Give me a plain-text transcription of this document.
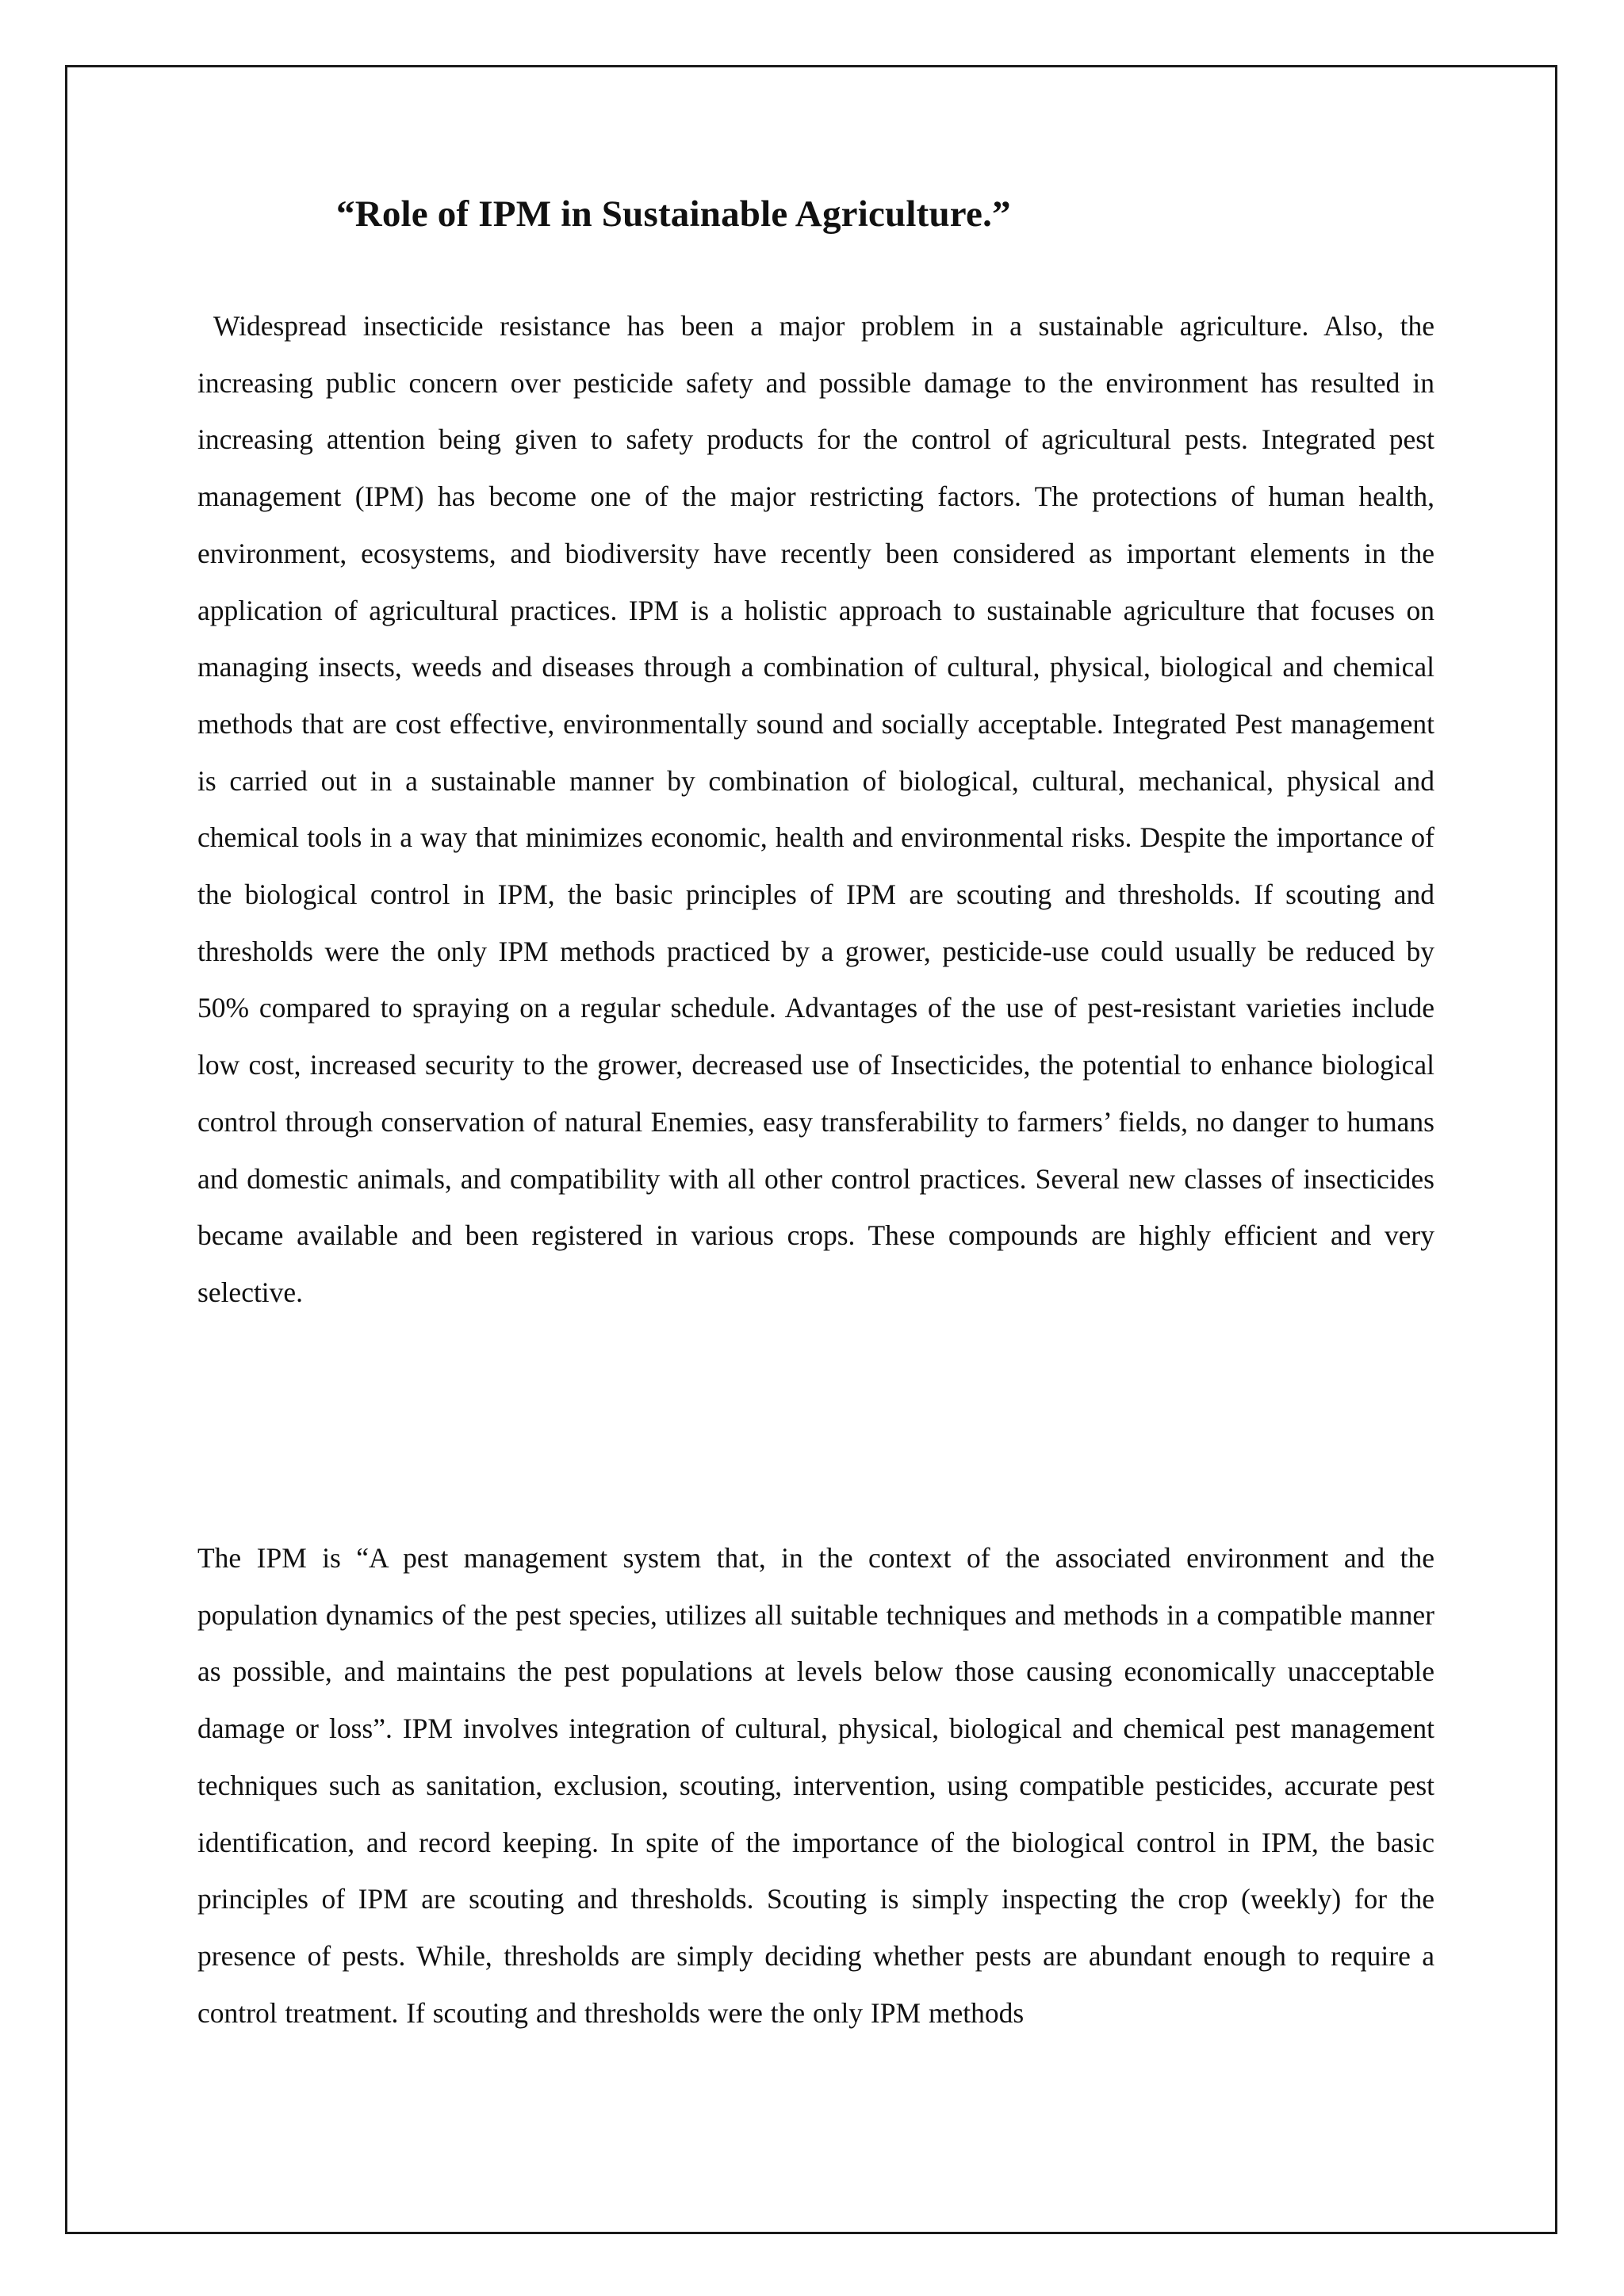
“Role of IPM in Sustainable Agriculture.”

Widespread insecticide resistance has been a major problem in a sustainable agriculture. Also, the increasing public concern over pesticide safety and possible damage to the environment has resulted in increasing attention being given to safety products for the control of agricultural pests. Integrated pest management (IPM) has become one of the major restricting factors. The protections of human health, environment, ecosystems, and biodiversity have recently been considered as important elements in the application of agricultural practices. IPM is a holistic approach to sustainable agriculture that focuses on managing insects, weeds and diseases through a combination of cultural, physical, biological and chemical methods that are cost effective, environmentally sound and socially acceptable. Integrated Pest management is carried out in a sustainable manner by combination of biological, cultural, mechanical, physical and chemical tools in a way that minimizes economic, health and environmental risks. Despite the importance of the biological control in IPM, the basic principles of IPM are scouting and thresholds. If scouting and thresholds were the only IPM methods practiced by a grower, pesticide-use could usually be reduced by 50% compared to spraying on a regular schedule. Advantages of the use of pest-resistant varieties include low cost, increased security to the grower, decreased use of Insecticides, the potential to enhance biological control through conservation of natural Enemies, easy transferability to farmers’ fields, no danger to humans and domestic animals, and compatibility with all other control practices. Several new classes of insecticides became available and been registered in various crops. These compounds are highly efficient and very selective.

The IPM is “A pest management system that, in the context of the associated environment and the population dynamics of the pest species, utilizes all suitable techniques and methods in a compatible manner as possible, and maintains the pest populations at levels below those causing economically unacceptable damage or loss”. IPM involves integration of cultural, physical, biological and chemical pest management techniques such as sanitation, exclusion, scouting, intervention, using compatible pesticides, accurate pest identification, and record keeping. In spite of the importance of the biological control in IPM, the basic principles of IPM are scouting and thresholds. Scouting is simply inspecting the crop (weekly) for the presence of pests. While, thresholds are simply deciding whether pests are abundant enough to require a control treatment. If scouting and thresholds were the only IPM methods
